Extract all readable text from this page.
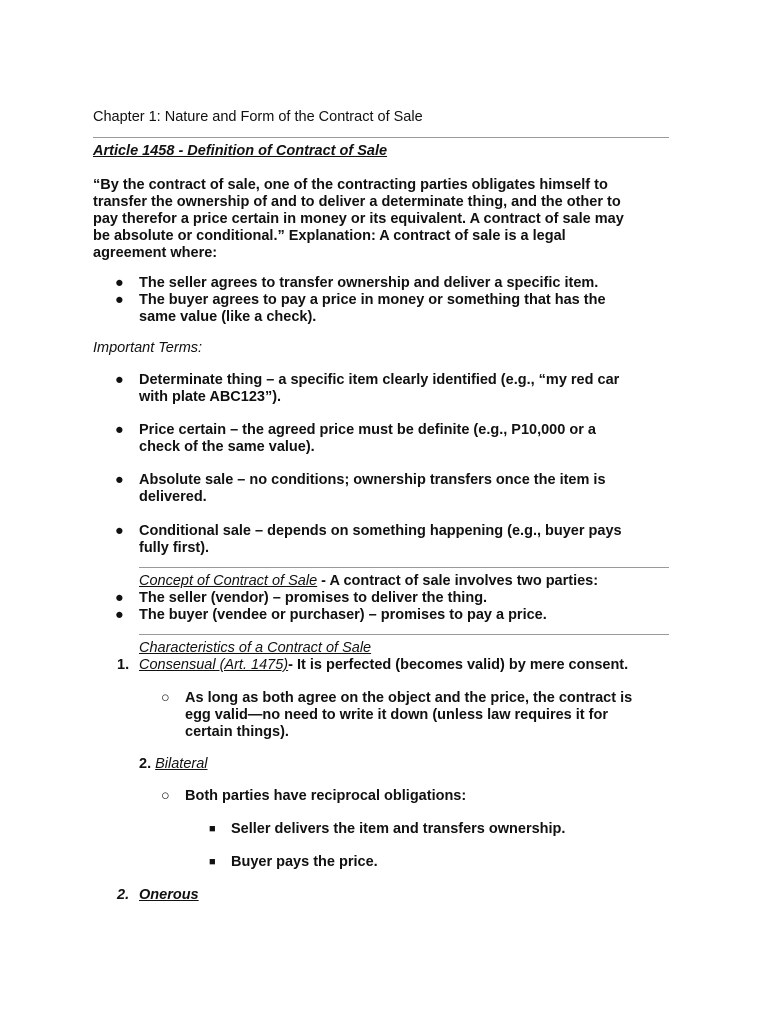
Chapter 1: Nature and Form of the Contract of Sale
Article 1458 - Definition of Contract of Sale
“By the contract of sale, one of the contracting parties obligates himself to
transfer the ownership of and to deliver a determinate thing, and the other to
pay therefor a price certain in money or its equivalent. A contract of sale may
be absolute or conditional.” Explanation: A contract of sale is a legal
agreement where:
●	The seller agrees to transfer ownership and deliver a specific item.
●	The buyer agrees to pay a price in money or something that has the
same value (like a check).
Important Terms:
●	Determinate thing – a specific item clearly identified (e.g., “my red car
with plate ABC123”).
●	Price certain – the agreed price must be definite (e.g., P10,000 or a
check of the same value).
●	Absolute sale – no conditions; ownership transfers once the item is
delivered.
●	Conditional sale – depends on something happening (e.g., buyer pays
fully first).
Concept of Contract of Sale - A contract of sale involves two parties:
●	The seller (vendor) – promises to deliver the thing.
●	The buyer (vendee or purchaser) – promises to pay a price.
Characteristics of a Contract of Sale
1. Consensual (Art. 1475)- It is perfected (becomes valid) by mere consent.
○	As long as both agree on the object and the price, the contract is
egg valid—no need to write it down (unless law requires it for
certain things).
2. Bilateral
○	Both parties have reciprocal obligations:
■	Seller delivers the item and transfers ownership.
■	Buyer pays the price.
2. Onerous
